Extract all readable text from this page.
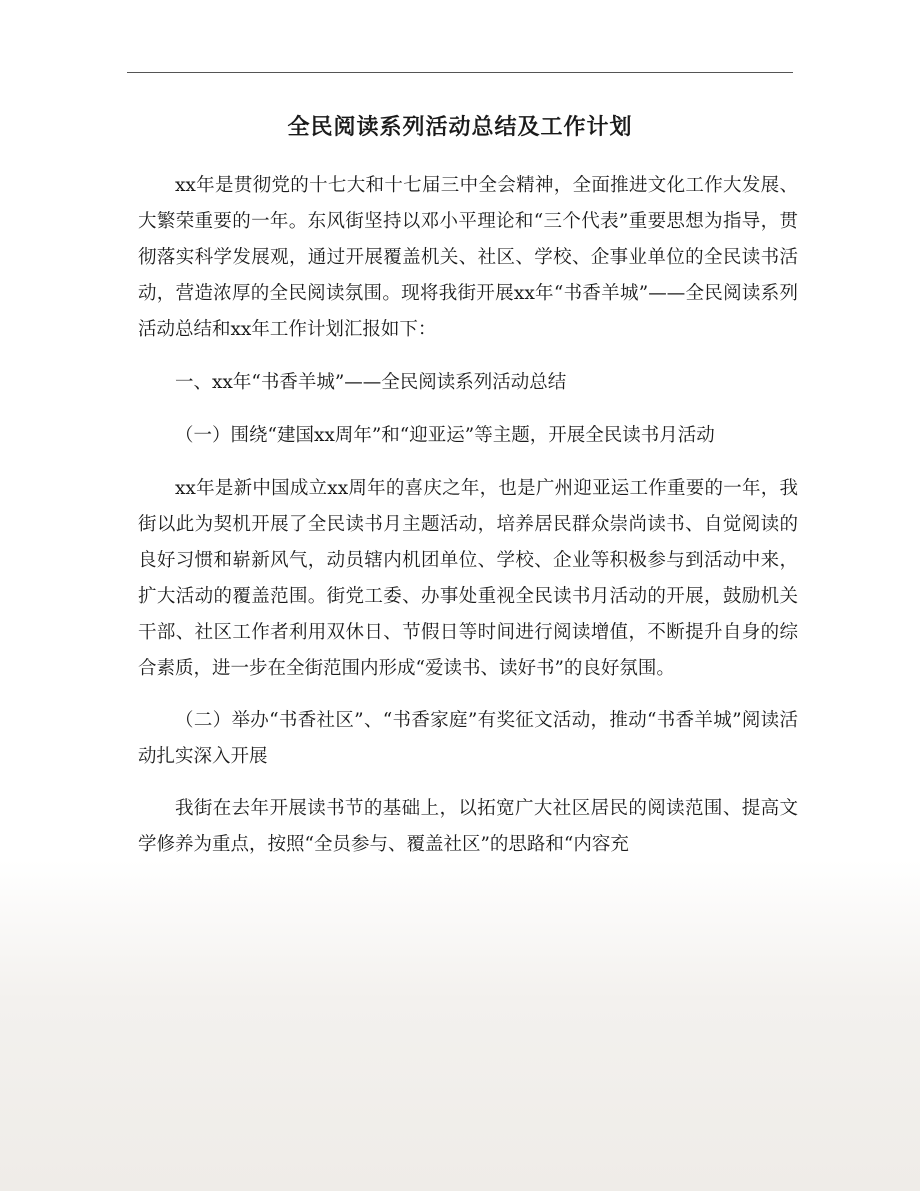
全民阅读系列活动总结及工作计划

xx年是贯彻党的十七大和十七届三中全会精神，全面推进文化工作大发展、大繁荣重要的一年。东风街坚持以邓小平理论和“三个代表”重要思想为指导，贯彻落实科学发展观，通过开展覆盖机关、社区、学校、企事业单位的全民读书活动，营造浓厚的全民阅读氛围。现将我街开展xx年“书香羊城”——全民阅读系列活动总结和xx年工作计划汇报如下：

一、xx年“书香羊城”——全民阅读系列活动总结

（一）围绕“建国xx周年”和“迎亚运”等主题，开展全民读书月活动

xx年是新中国成立xx周年的喜庆之年，也是广州迎亚运工作重要的一年，我街以此为契机开展了全民读书月主题活动，培养居民群众崇尚读书、自觉阅读的良好习惯和崭新风气，动员辖内机团单位、学校、企业等积极参与到活动中来，扩大活动的覆盖范围。街党工委、办事处重视全民读书月活动的开展，鼓励机关干部、社区工作者利用双休日、节假日等时间进行阅读增值，不断提升自身的综合素质，进一步在全街范围内形成“爱读书、读好书”的良好氛围。

（二）举办“书香社区”、“书香家庭”有奖征文活动，推动“书香羊城”阅读活动扎实深入开展

我街在去年开展读书节的基础上，以拓宽广大社区居民的阅读范围、提高文学修养为重点，按照“全员参与、覆盖社区”的思路和“内容充
